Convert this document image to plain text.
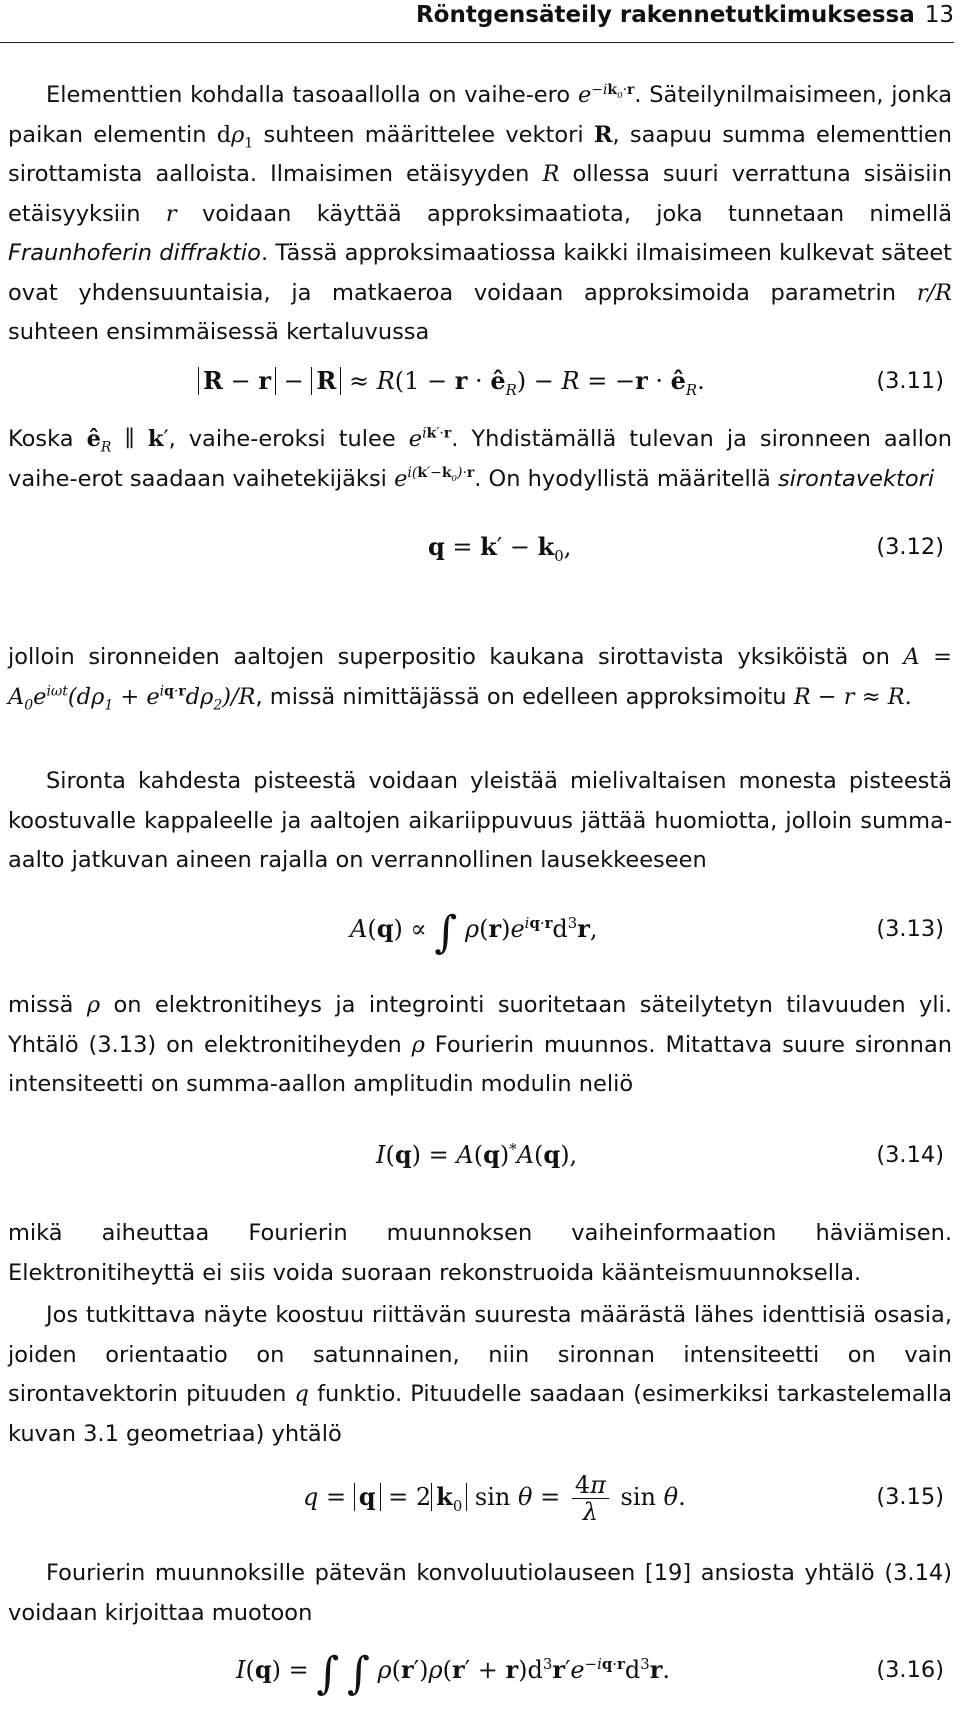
Röntgensäteily rakennetutkimuksessa 13
Elementtien kohdalla tasoaallolla on vaihe-ero $e^{-ik_0\cdot r}$. Säteilynilmaisimeen, jonka paikan elementin $d\rho_1$ suhteen määrittelee vektori R, saapuu summa elementtien sirottamista aalloista. Ilmaisimen etäisyyden R ollessa suuri verrattuna sisäisiin etäisyyksiin r voidaan käyttää approksimaatiota, joka tunnetaan nimellä Fraunhoferin diffraktio. Tässä approksimaatiossa kaikki ilmaisimeen kulkevat säteet ovat yhdensuuntaisia, ja matkaeroa voidaan approksimoida parametrin r/R suhteen ensimmäisessä kertaluvussa
$R - r - R \approx R(1 - r \cdot ê_R) - R = -r$ · $ê_R$.	(3.11)
Koska $ê_R$ ∥ k′, vaihe-eroksi tulee $e^{ik'\cdot r}$. Yhdistämällä tulevan ja sironneen aallon vaihe-erot saadaan vaihetekijäksi $e^{i(k'-k_0)\cdot r}$. On hyodyllistä määritellä sirontavektori
$q = k' - k_0$,	(3.12)
jolloin sironneiden aaltojen superpositio kaukana sirottavista yksiköistä on $A = A_0e^{i\omega t}(d\rho_1 + e^{iq\cdot r}d\rho_2)/R$, missä nimittäjässä on edelleen approksimoitu R − r ≈ R.
Sironta kahdesta pisteestä voidaan yleistää mielivaltaisen monesta pisteestä koostuvalle kappaleelle ja aaltojen aikariippuvuus jättää huomiotta, jolloin summa-aalto jatkuvan aineen rajalla on verrannollinen lausekkeeseen
A(q) ∝ ∫ $\rho(r)e^{iq\cdot r}d^3r$,	(3.13)
missä ρ on elektronitiheys ja integrointi suoritetaan säteilytetyn tilavuuden yli. Yhtälö (3.13) on elektronitiheyden ρ Fourierin muunnos. Mitattava suure sironnan intensiteetti on summa-aallon amplitudin modulin neliö
I(q) = A(q)*A(q),	(3.14)
mikä aiheuttaa Fourierin muunnoksen vaiheinformaation häviämisen. Elektronitiheyttä ei siis voida suoraan rekonstruoida käänteismuunnoksella.
Jos tutkittava näyte koostuu riittävän suuresta määrästä lähes identtisiä osasia, joiden orientaatio on satunnainen, niin sironnan intensiteetti on vain sirontavektorin pituuden q funktio. Pituudelle saadaan (esimerkiksi tarkastelemalla kuvan 3.1 geometriaa) yhtälö
q = q = 2 $k_0$ $\sin \theta = \frac{4\pi}{\lambda}$ sin θ.	(3.15)
Fourierin muunnoksille pätevän konvoluutiolauseen [19] ansiosta yhtälö (3.14) voidaan kirjoittaa muotoon
I(q) = ∫ ∫ $\rho(r')\rho(r' + r)d^3r'e^{-iq\cdot r}d^3r$.	(3.16)
